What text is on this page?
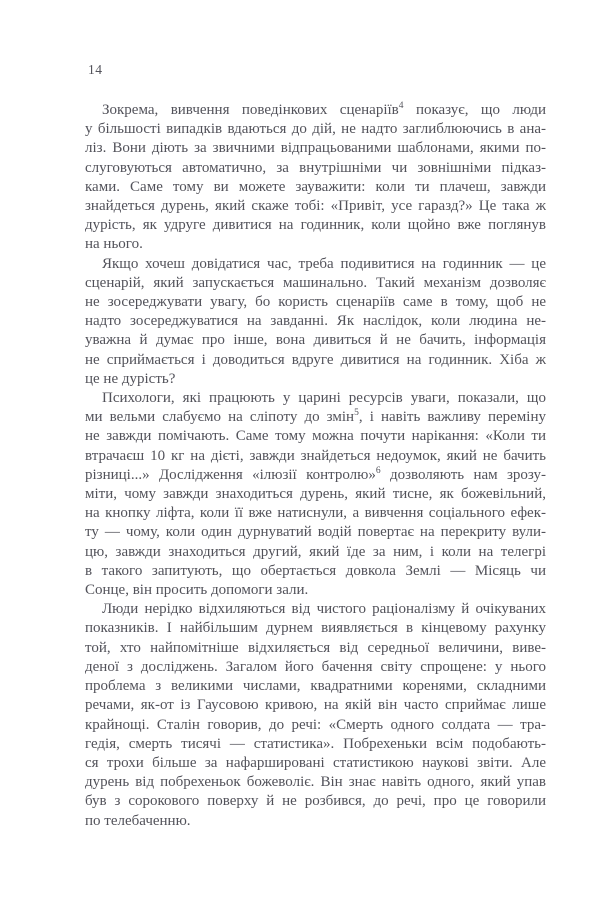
14
Зокрема, вивчення поведінкових сценаріїв$^4$ показує, що люди
у більшості випадків вдаються до дій, не надто заглиблюючись в ана-
ліз. Вони діють за звичними відпрацьованими шаблонами, якими по-
слуговуються автоматично, за внутрішніми чи зовнішніми підказ-
ками. Саме тому ви можете зауважити: коли ти плачеш, завжди
знайдеться дурень, який скаже тобі: «Привіт, усе гаразд?» Це така ж
дурість, як удруге дивитися на годинник, коли щойно вже поглянув
на нього.
Якщо хочеш довідатися час, треба подивитися на годинник — це
сценарій, який запускається машинально. Такий механізм дозволяє
не зосереджувати увагу, бо користь сценаріїв саме в тому, щоб не
надто зосереджуватися на завданні. Як наслідок, коли людина не-
уважна й думає про інше, вона дивиться й не бачить, інформація
не сприймається і доводиться вдруге дивитися на годинник. Хіба ж
це не дурість?
Психологи, які працюють у царині ресурсів уваги, показали, що
ми вельми слабуємо на сліпоту до змін$^5$, і навіть важливу переміну
не завжди помічають. Саме тому можна почути нарікання: «Коли ти
втрачаєш 10 кг на дієті, завжди знайдеться недоумок, який не бачить
різниці...» Дослідження «ілюзії контролю»$^6$ дозволяють нам зрозу-
міти, чому завжди знаходиться дурень, який тисне, як божевільний,
на кнопку ліфта, коли її вже натиснули, а вивчення соціального ефек-
ту — чому, коли один дурнуватий водій повертає на перекриту вули-
цю, завжди знаходиться другий, який їде за ним, і коли на телегрі
в такого запитують, що обертається довкола Землі — Місяць чи
Сонце, він просить допомоги зали.
Люди нерідко відхиляються від чистого раціоналізму й очікуваних
показників. І найбільшим дурнем виявляється в кінцевому рахунку
той, хто найпомітніше відхиляється від середньої величини, виве-
деної з досліджень. Загалом його бачення світу спрощене: у нього
проблема з великими числами, квадратними коренями, складними
речами, як-от із Гаусовою кривою, на якій він часто сприймає лише
крайнощі. Сталін говорив, до речі: «Смерть одного солдата — тра-
гедія, смерть тисячі — статистика». Побрехеньки всім подобають-
ся трохи більше за нафаршировані статистикою наукові звіти. Але
дурень від побрехеньок божеволіє. Він знає навіть одного, який упав
був з сорокового поверху й не розбився, до речі, про це говорили
по телебаченню.
